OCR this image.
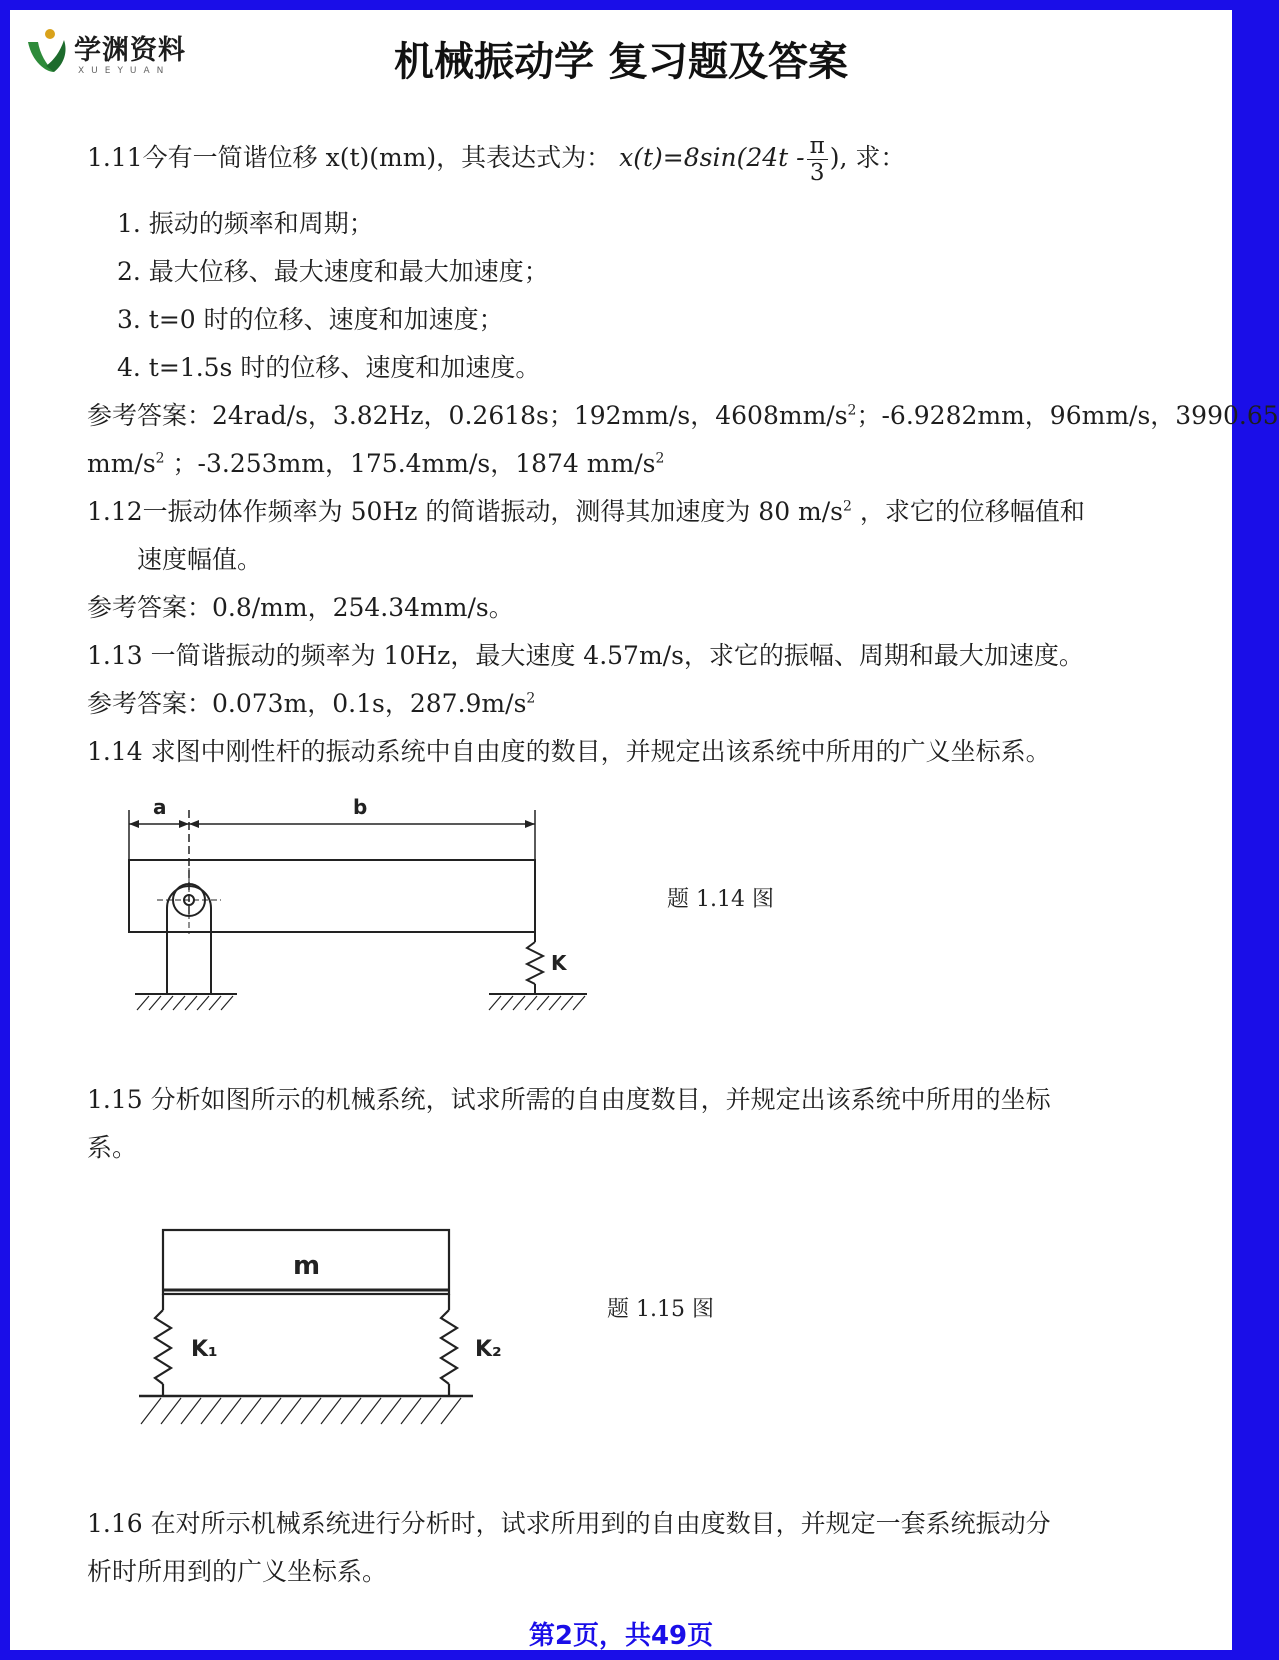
学渊资料
XUEYUAN	机械振动学 复习题及答案
1.11今有一简谐位移 x(t)(mm)，其表达式为： $x(t)=8\sin(24t - \frac{\pi}{3}$ ), 求：
1. 振动的频率和周期；
2. 最大位移、最大速度和最大加速度；
3. t=0 时的位移、速度和加速度；
4. t=1.5s 时的位移、速度和加速度。
参考答案：24rad/s，3.82Hz，0.2618s；192mm/s，$4608mm/s^2$；-6.9282mm，96mm/s，3990.65
$mm/s^2$ ；-3.253mm，175.4mm/s，1874 $mm/s^2$
1.12一振动体作频率为 50Hz 的简谐振动，测得其加速度为 80 $m/s^2$ ，求它的位移幅值和
速度幅值。
参考答案：0.8/mm，254.34mm/s。
1.13 一简谐振动的频率为 10Hz，最大速度 4.57m/s，求它的振幅、周期和最大加速度。
参考答案：0.073m，0.1s，$287.9m/s^2$
1.14 求图中刚性杆的振动系统中自由度的数目，并规定出该系统中所用的广义坐标系。
a	b
K
题 1.14 图
1.15 分析如图所示的机械系统，试求所需的自由度数目，并规定出该系统中所用的坐标
系。
m
K₁	K₂
题 1.15 图
1.16 在对所示机械系统进行分析时，试求所用到的自由度数目，并规定一套系统振动分
析时所用到的广义坐标系。
第2页，共49页
